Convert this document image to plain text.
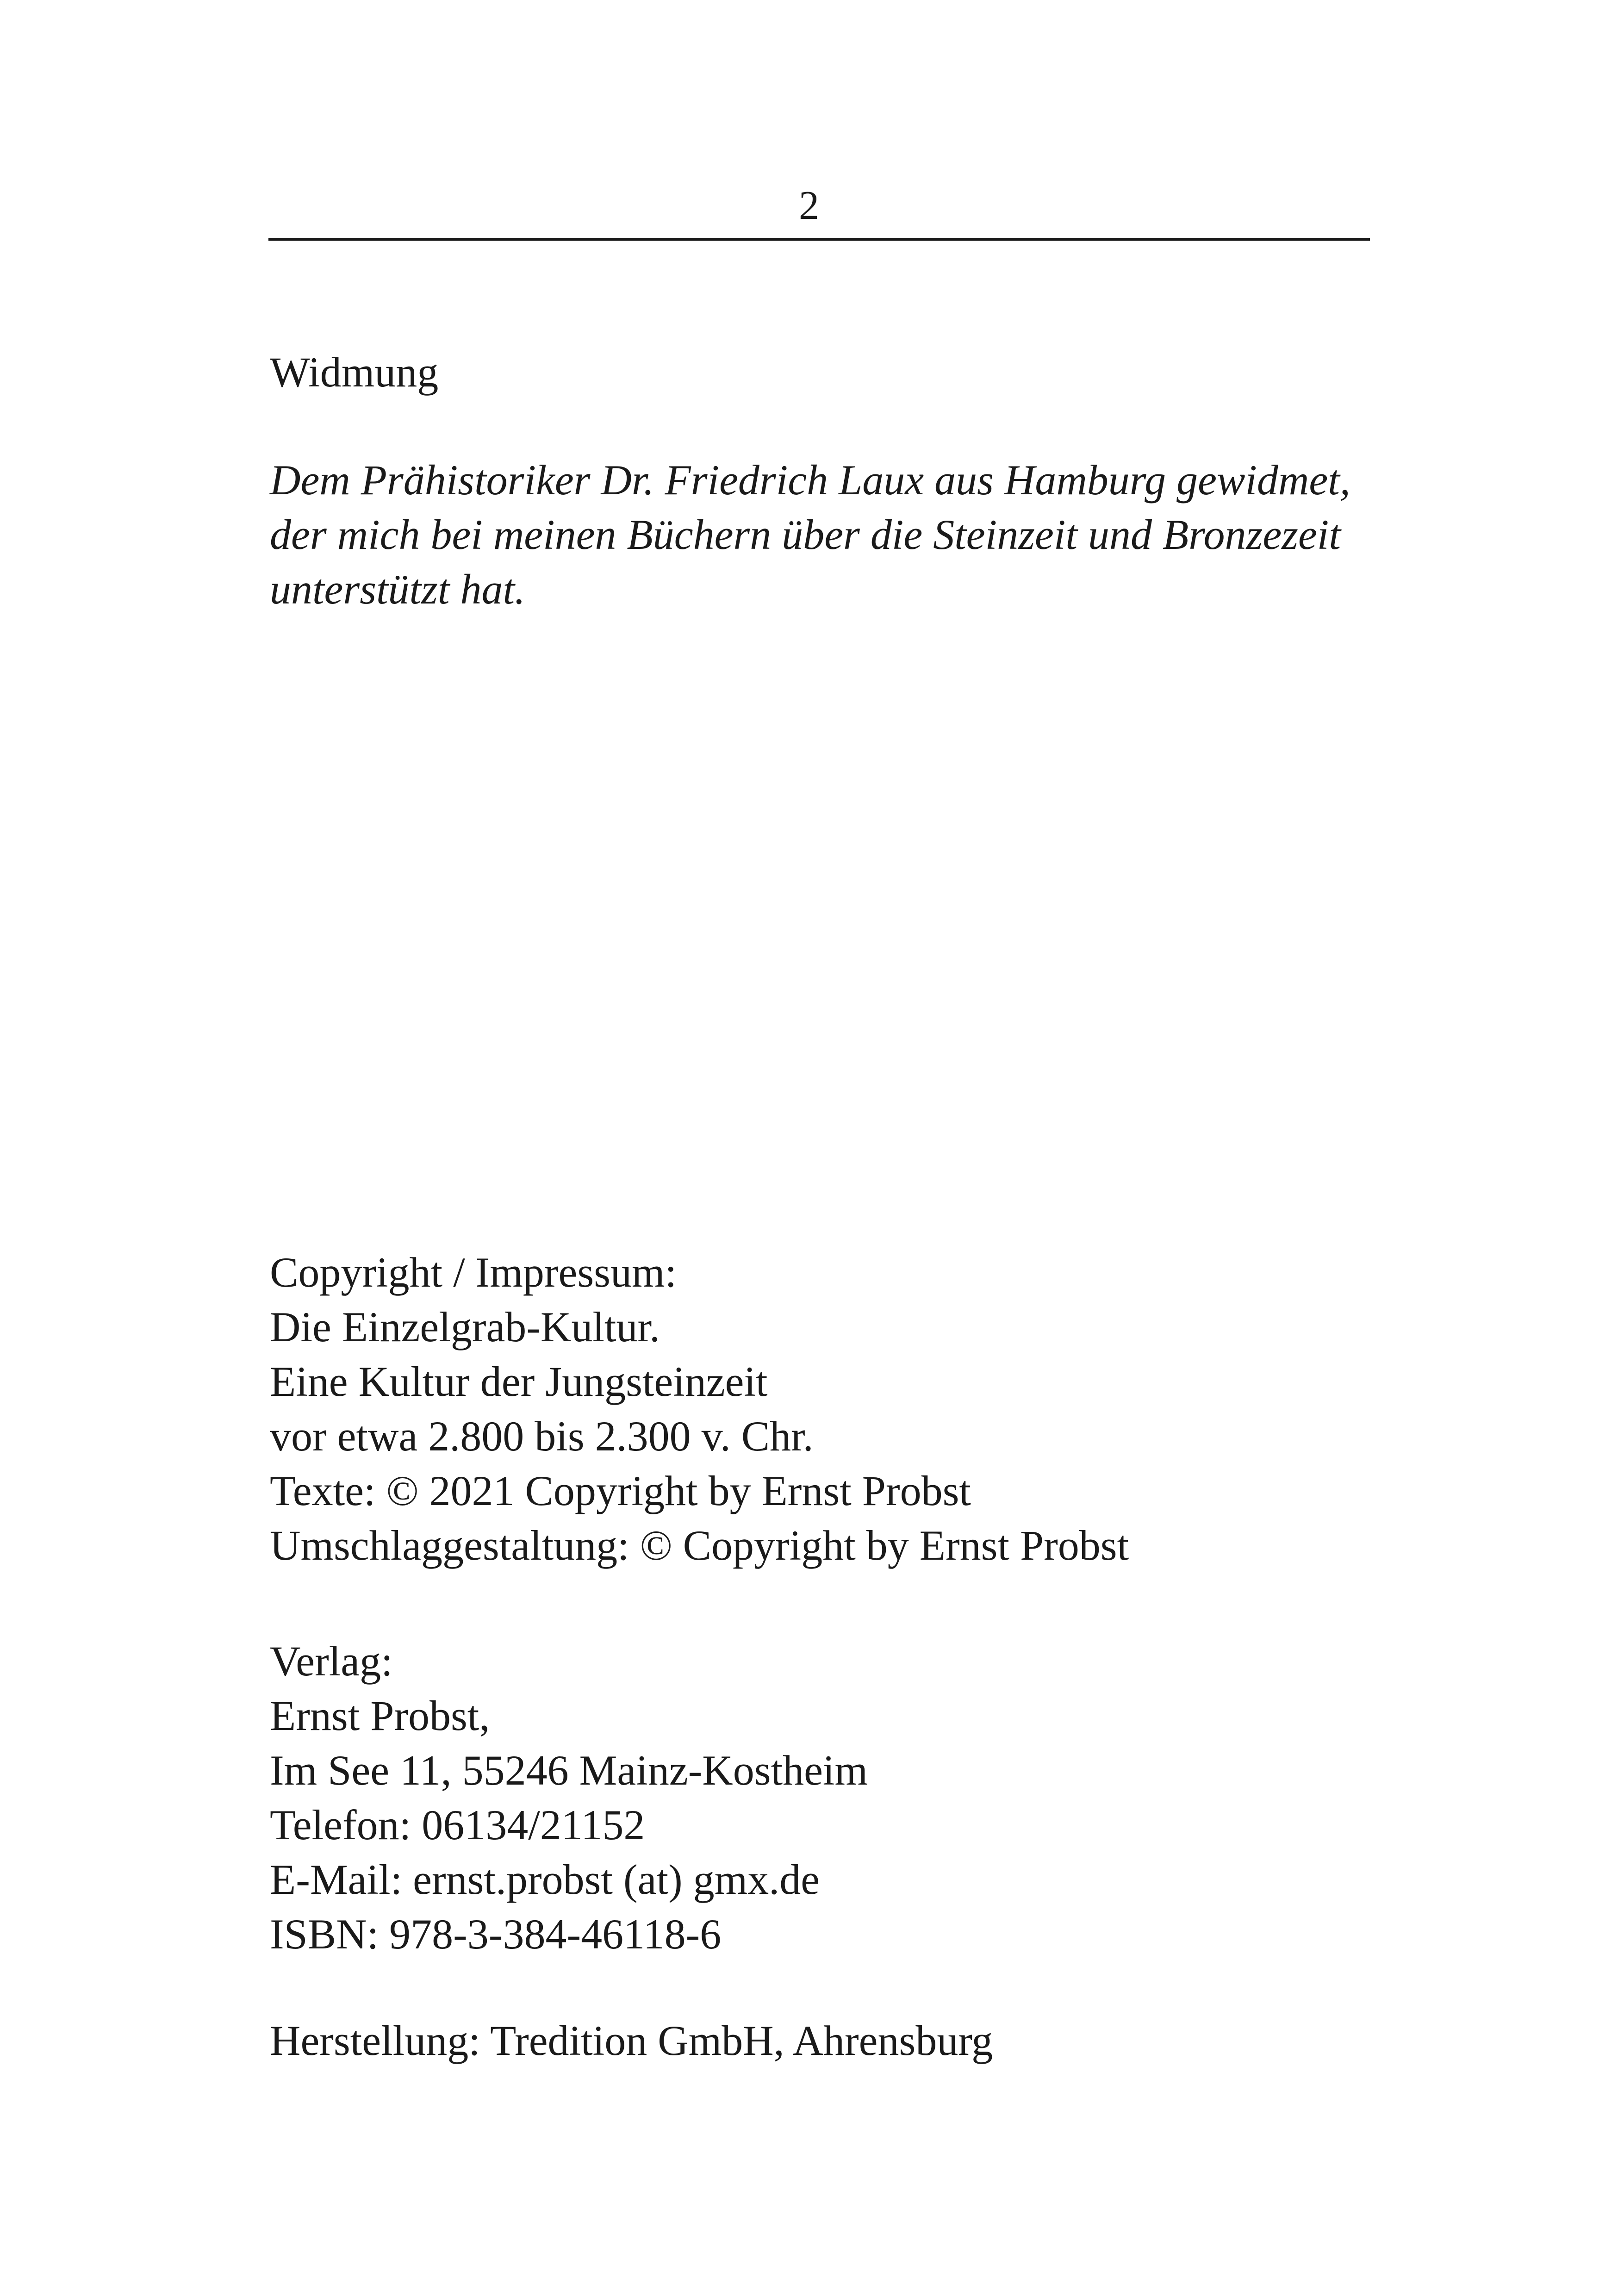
2
Widmung
Dem Prähistoriker Dr. Friedrich Laux aus Hamburg gewidmet,
der mich bei meinen Büchern über die Steinzeit und Bronzezeit
unterstützt hat.
Copyright / Impressum:
Die Einzelgrab-Kultur.
Eine Kultur der Jungsteinzeit
vor etwa 2.800 bis 2.300 v. Chr.
Texte: © 2021 Copyright by Ernst Probst
Umschlaggestaltung: © Copyright by Ernst Probst
Verlag:
Ernst Probst,
Im See 11, 55246 Mainz-Kostheim
Telefon: 06134/21152
E-Mail: ernst.probst (at) gmx.de
ISBN: 978-3-384-46118-6
Herstellung: Tredition GmbH, Ahrensburg
